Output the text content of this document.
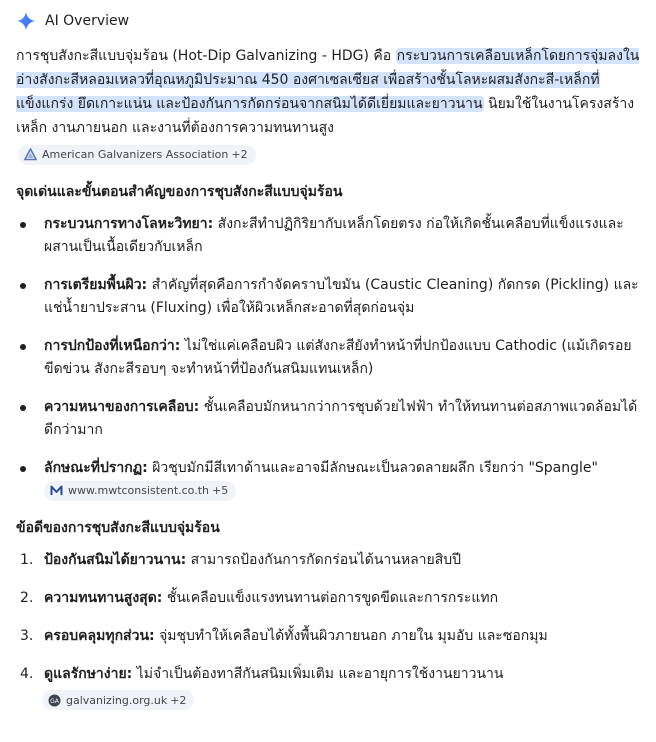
AI Overview

การชุบสังกะสีแบบจุ่มร้อน (Hot-Dip Galvanizing - HDG) คือ กระบวนการเคลือบเหล็กโดยการจุ่มลงในอ่างสังกะสีหลอมเหลวที่อุณหภูมิประมาณ 450 องศาเซลเซียส เพื่อสร้างชั้นโลหะผสมสังกะสี-เหล็กที่แข็งแกร่ง ยึดเกาะแน่น และป้องกันการกัดกร่อนจากสนิมได้ดีเยี่ยมและยาวนาน นิยมใช้ในงานโครงสร้างเหล็ก งานภายนอก และงานที่ต้องการความทนทานสูง

American Galvanizers Association +2
จุดเด่นและขั้นตอนสำคัญของการชุบสังกะสีแบบจุ่มร้อน
กระบวนการทางโลหะวิทยา: สังกะสีทำปฏิกิริยากับเหล็กโดยตรง ก่อให้เกิดชั้นเคลือบที่แข็งแรงและผสานเป็นเนื้อเดียวกับเหล็ก
การเตรียมพื้นผิว: สำคัญที่สุดคือการกำจัดคราบไขมัน (Caustic Cleaning) กัดกรด (Pickling) และแช่น้ำยาประสาน (Fluxing) เพื่อให้ผิวเหล็กสะอาดที่สุดก่อนจุ่ม
การปกป้องที่เหนือกว่า: ไม่ใช่แค่เคลือบผิว แต่สังกะสียังทำหน้าที่ปกป้องแบบ Cathodic (แม้เกิดรอยขีดข่วน สังกะสีรอบๆ จะทำหน้าที่ป้องกันสนิมแทนเหล็ก)
ความหนาของการเคลือบ: ชั้นเคลือบมักหนากว่าการชุบด้วยไฟฟ้า ทำให้ทนทานต่อสภาพแวดล้อมได้ดีกว่ามาก
ลักษณะที่ปรากฏ: ผิวชุบมักมีสีเทาด้านและอาจมีลักษณะเป็นลวดลายผลึก เรียกว่า "Spangle"
www.mwtconsistent.co.th +5
ข้อดีของการชุบสังกะสีแบบจุ่มร้อน
1. ป้องกันสนิมได้ยาวนาน: สามารถป้องกันการกัดกร่อนได้นานหลายสิบปี
2. ความทนทานสูงสุด: ชั้นเคลือบแข็งแรงทนทานต่อการขูดขีดและการกระแทก
3. ครอบคลุมทุกส่วน: จุ่มชุบทำให้เคลือบได้ทั้งพื้นผิวภายนอก ภายใน มุมอับ และซอกมุม
4. ดูแลรักษาง่าย: ไม่จำเป็นต้องทาสีกันสนิมเพิ่มเติม และอายุการใช้งานยาวนาน
GA galvanizing.org.uk +2
